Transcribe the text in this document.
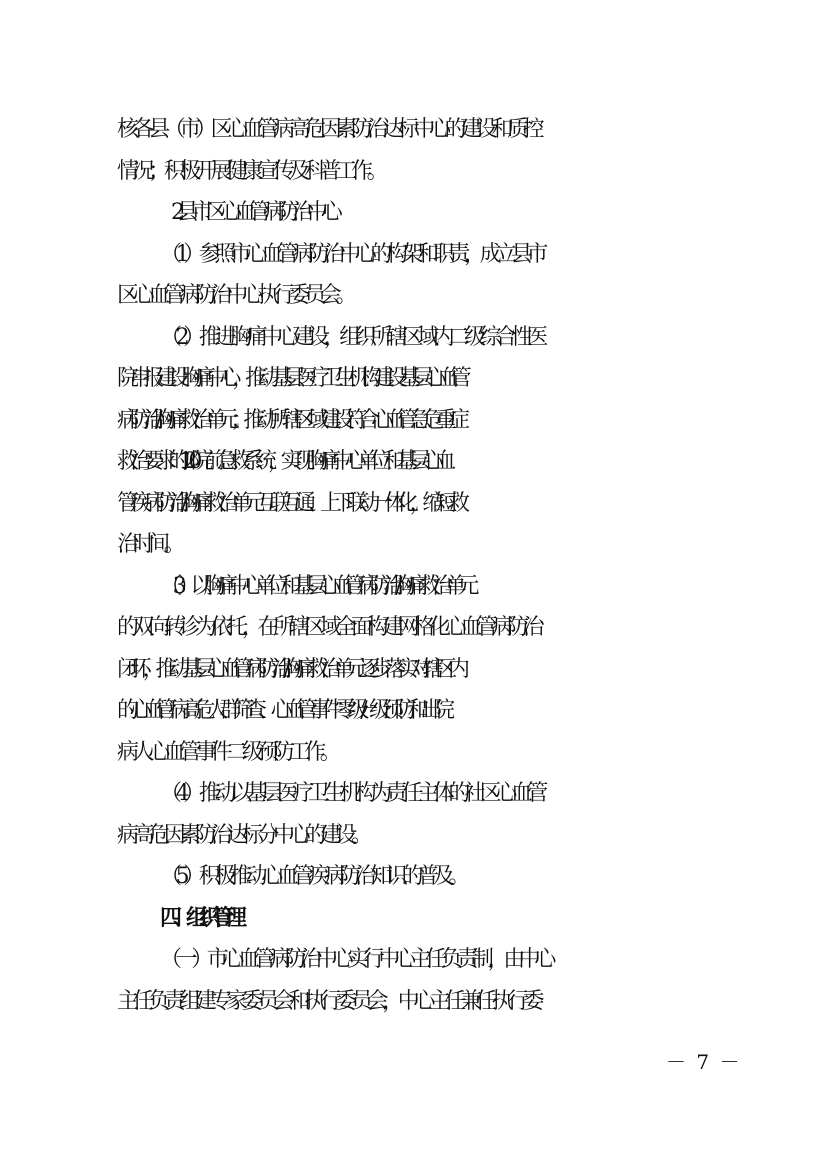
核各县（市）区心血管病高危因素防治达标中心的建设和质控
情况；积极开展健康宣传及科普工作。
2.县市区心血管病防治中心
（1）参照市心血管病防治中心的构架和职责，成立县市
区心血管病防治中心执行委员会。
（2）推进胸痛中心建设，组织所辖区域内二级综合性医
院申报建设胸痛中心，推动基层医疗卫生机构建设基层心血管
病防治/胸痛救治单元；推动所辖区域建设符合心血管急危重症
救治要求的 120 院前急救系统，实现胸痛中心单位和基层心血
管疾病防治/胸痛救治单元互联互通、上下联动一体化，缩短救
治时间。
（3）以胸痛中心单位和基层心血管病防治/胸痛救治单元
的双向转诊为依托，在所辖区域全面构建网格化心血管病防治
闭环，推动基层心血管病防治/胸痛救治单元逐步落实对辖区内
的心血管病高危人群筛查、心血管事件零级/ 一级预防和出院
病人心血管事件二级预防工作。
（4）推动以基层医疗卫生机构为责任主体的社区心血管
病高危因素防治达标分中心的建设。
（5）积极推动心血管疾病防治知识的普及。
四、组织管理
（一）市心血管病防治中心实行中心主任负责制，由中心
主任负责组建专家委员会和执行委员会，中心主任兼任执行委
－ 7 －
